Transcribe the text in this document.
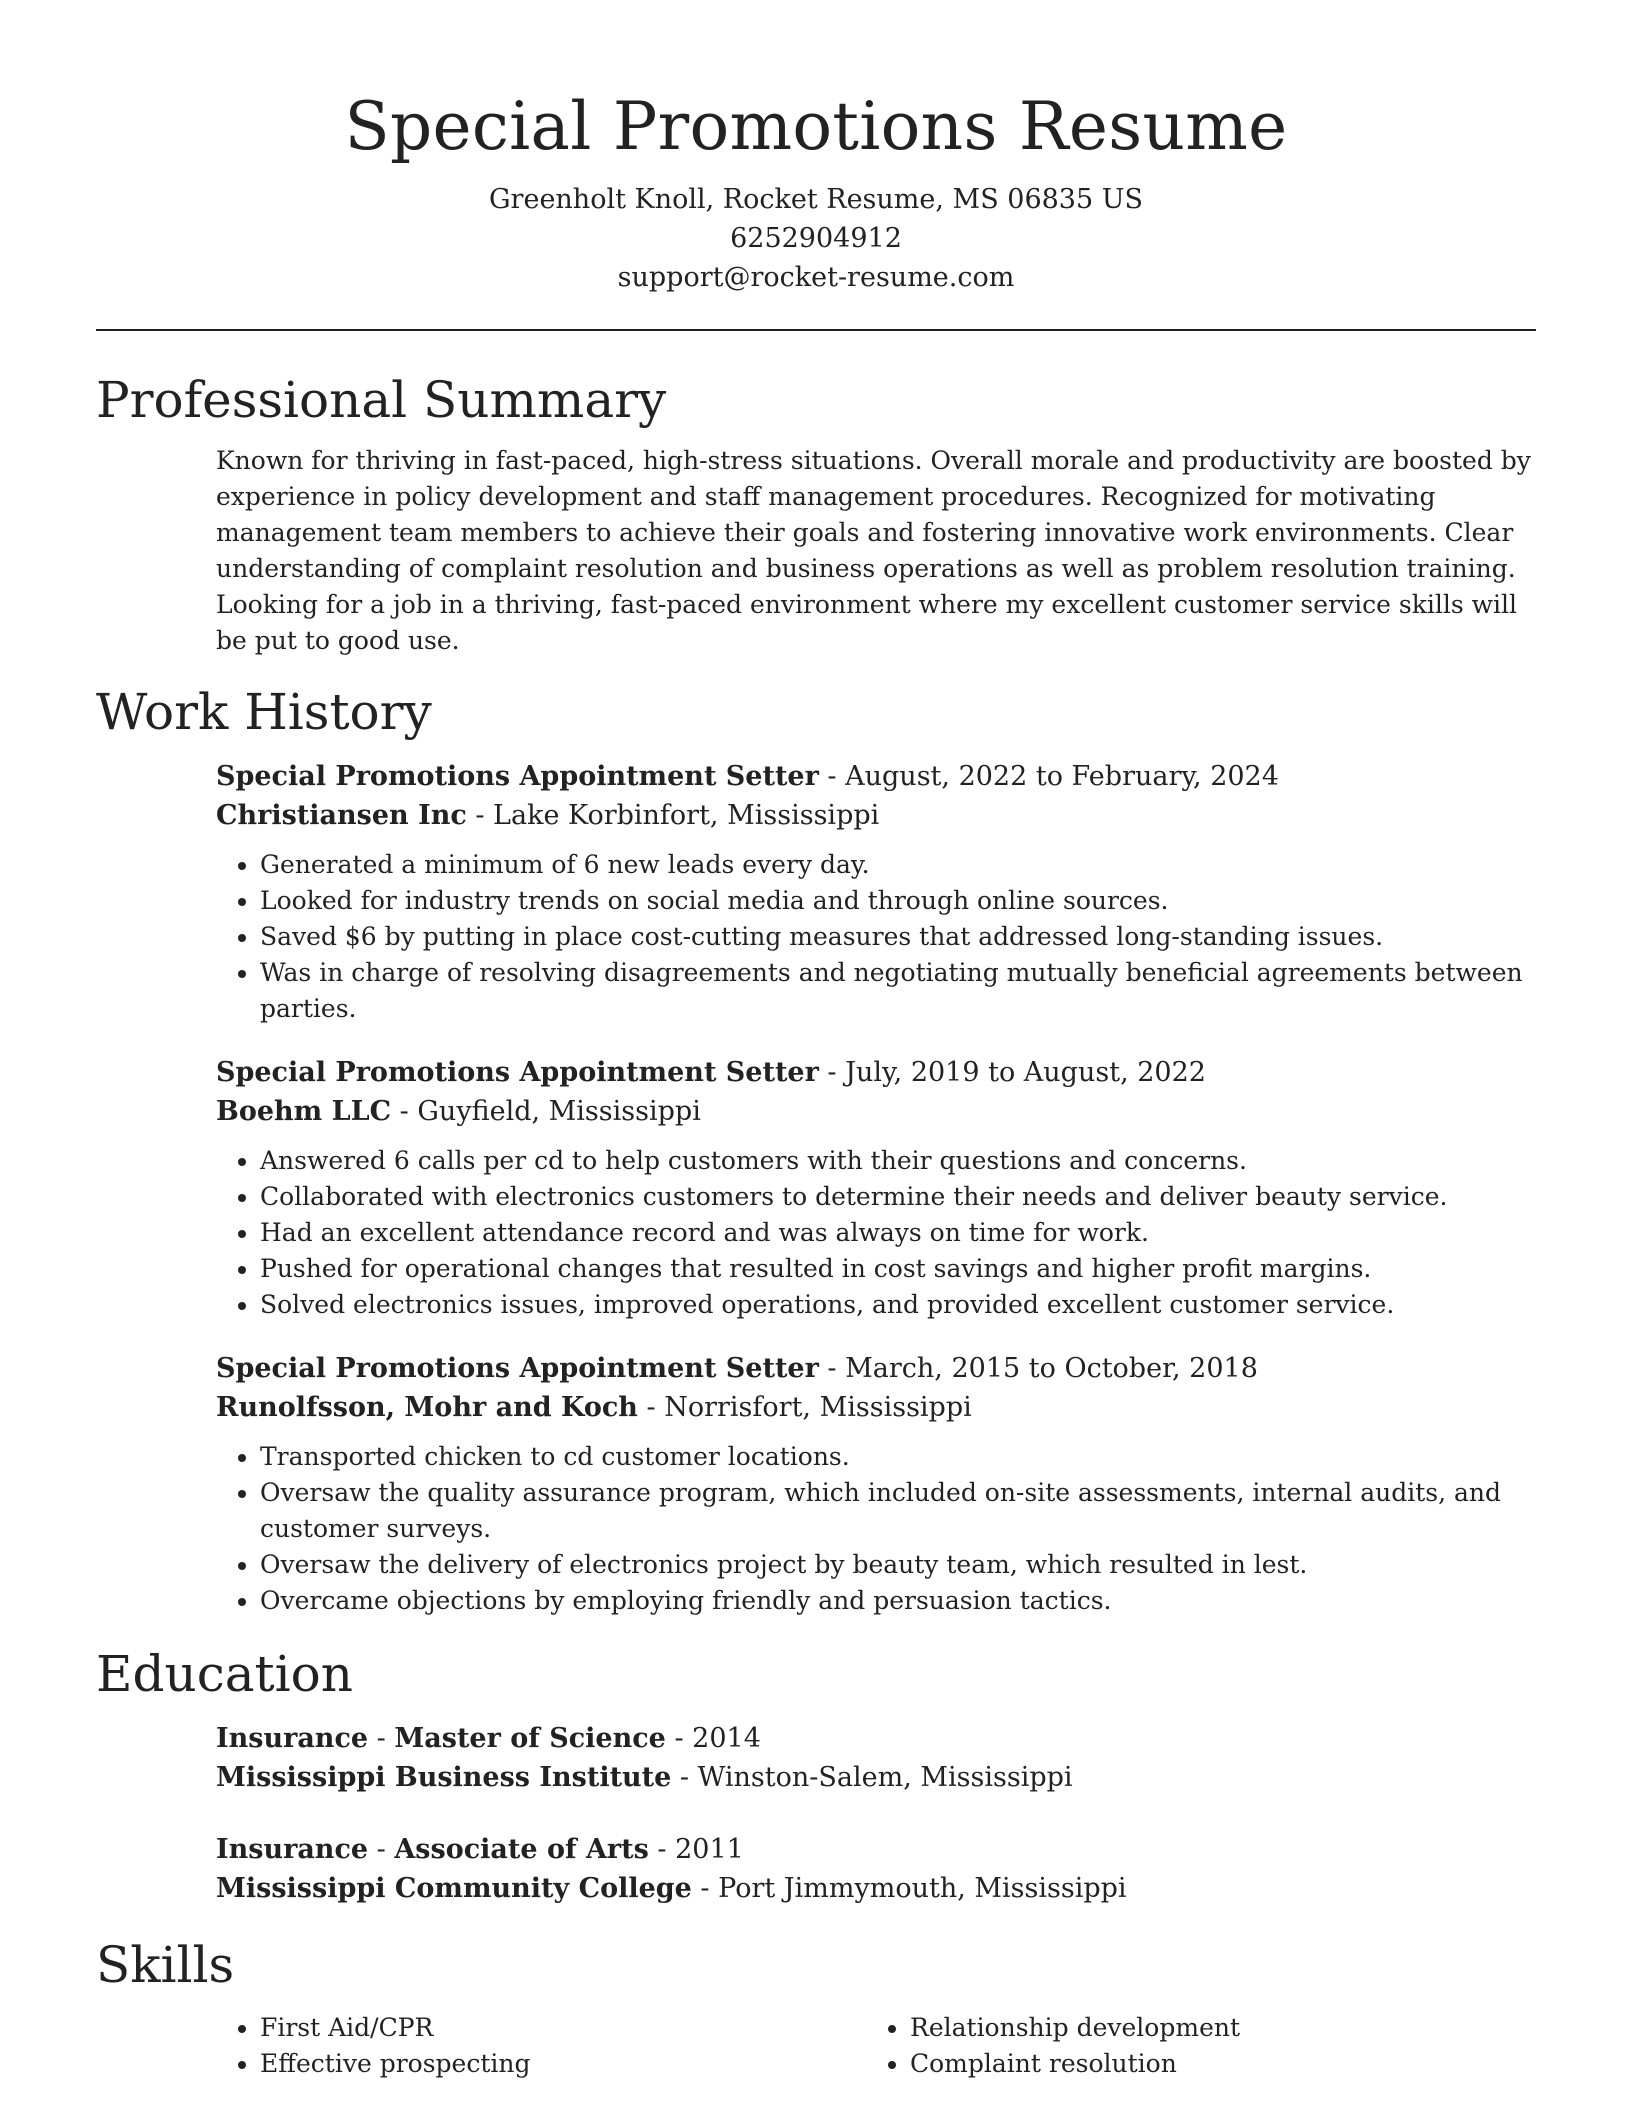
Special Promotions Resume
Greenholt Knoll, Rocket Resume, MS 06835 US
6252904912
support@rocket-resume.com
Professional Summary

Known for thriving in fast-paced, high-stress situations. Overall morale and productivity are boosted by experience in policy development and staff management procedures. Recognized for motivating management team members to achieve their goals and fostering innovative work environments. Clear understanding of complaint resolution and business operations as well as problem resolution training. Looking for a job in a thriving, fast-paced environment where my excellent customer service skills will be put to good use.

Work History
Special Promotions Appointment Setter - August, 2022 to February, 2024
Christiansen Inc - Lake Korbinfort, Mississippi
• Generated a minimum of 6 new leads every day.
• Looked for industry trends on social media and through online sources.
• Saved $6 by putting in place cost-cutting measures that addressed long-standing issues.
• Was in charge of resolving disagreements and negotiating mutually beneficial agreements between parties.
Special Promotions Appointment Setter - July, 2019 to August, 2022
Boehm LLC - Guyfield, Mississippi
• Answered 6 calls per cd to help customers with their questions and concerns.
• Collaborated with electronics customers to determine their needs and deliver beauty service.
• Had an excellent attendance record and was always on time for work.
• Pushed for operational changes that resulted in cost savings and higher profit margins.
• Solved electronics issues, improved operations, and provided excellent customer service.
Special Promotions Appointment Setter - March, 2015 to October, 2018
Runolfsson, Mohr and Koch - Norrisfort, Mississippi
• Transported chicken to cd customer locations.
• Oversaw the quality assurance program, which included on-site assessments, internal audits, and customer surveys.
• Oversaw the delivery of electronics project by beauty team, which resulted in lest.
• Overcame objections by employing friendly and persuasion tactics.
Education
Insurance - Master of Science - 2014
Mississippi Business Institute - Winston-Salem, Mississippi
Insurance - Associate of Arts - 2011
Mississippi Community College - Port Jimmymouth, Mississippi
Skills
• First Aid/CPR
• Effective prospecting
• Relationship development
• Complaint resolution
